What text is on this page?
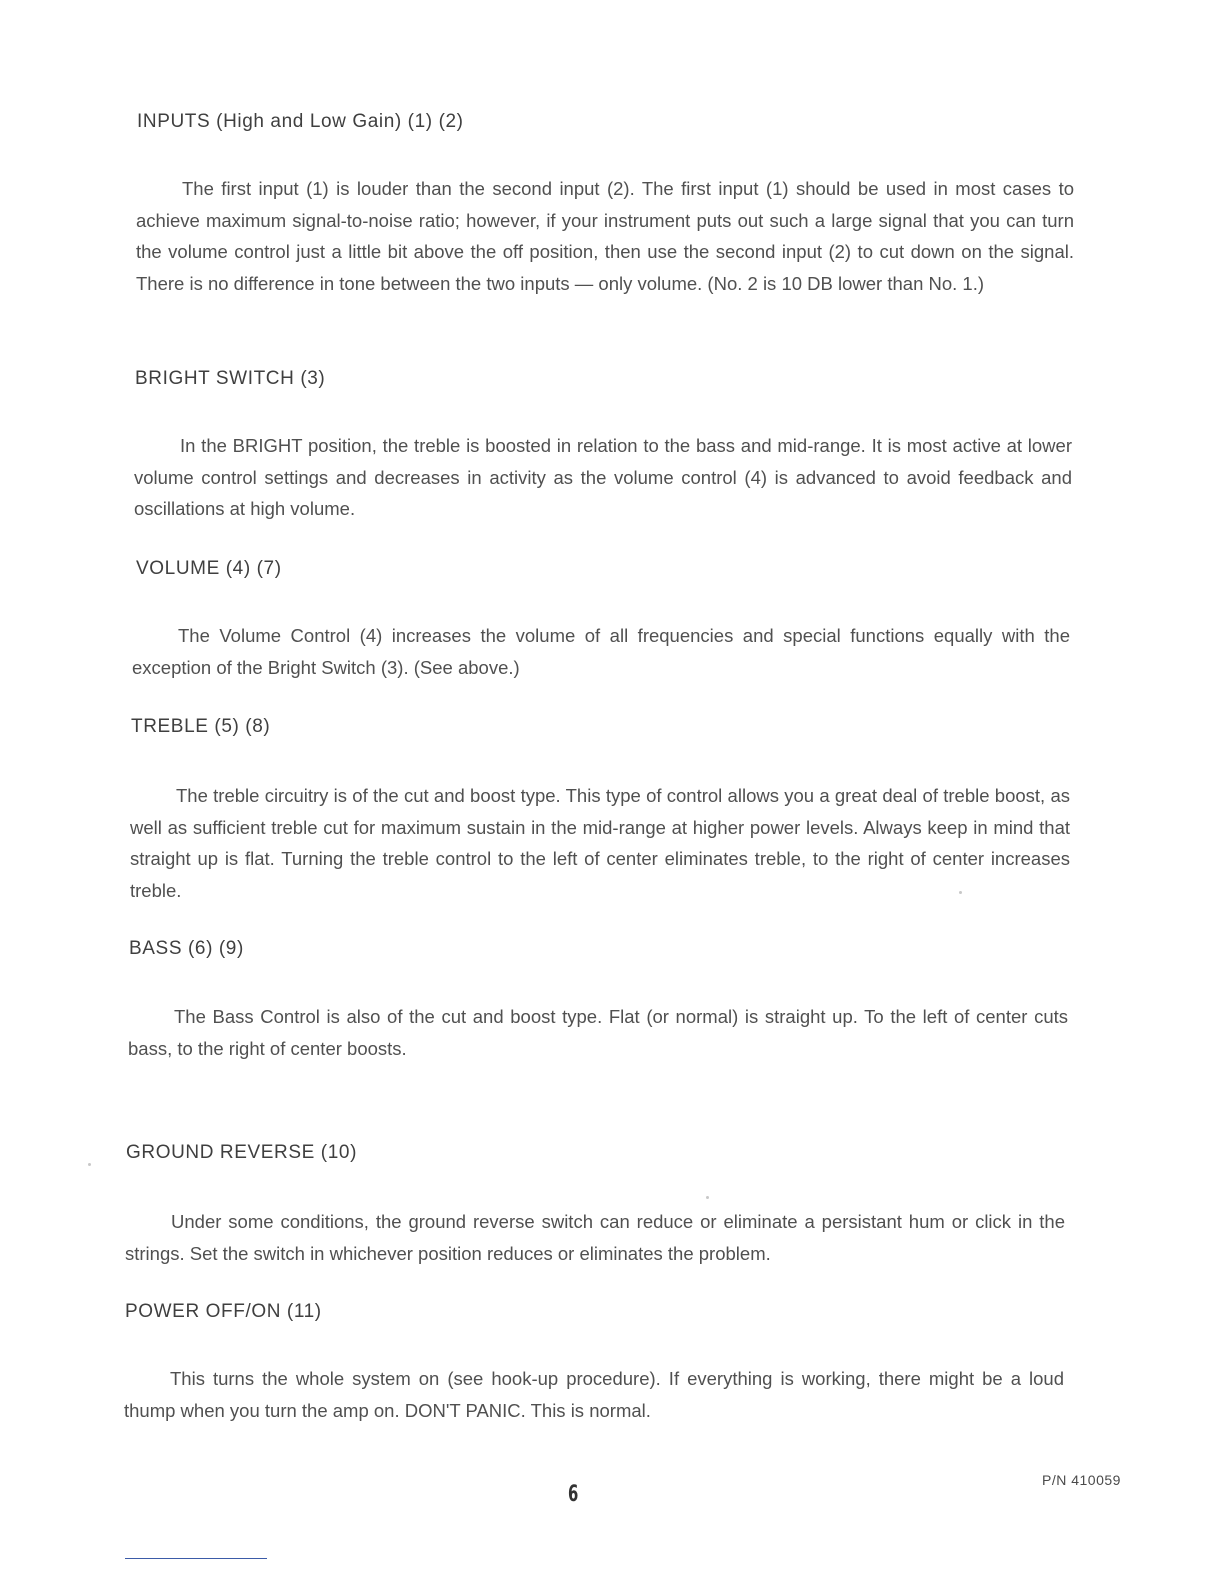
INPUTS (High and Low Gain) (1) (2)

The first input (1) is louder than the second input (2). The first input (1) should be used in most cases to achieve maximum signal-to-noise ratio; however, if your instrument puts out such a large signal that you can turn the volume control just a little bit above the off position, then use the second input (2) to cut down on the signal. There is no difference in tone between the two inputs — only volume. (No. 2 is 10 DB lower than No. 1.)

BRIGHT SWITCH (3)

In the BRIGHT position, the treble is boosted in relation to the bass and mid-range. It is most active at lower volume control settings and decreases in activity as the volume control (4) is advanced to avoid feedback and oscillations at high volume.

VOLUME (4) (7)

The Volume Control (4) increases the volume of all frequencies and special functions equally with the exception of the Bright Switch (3). (See above.)

TREBLE (5) (8)

The treble circuitry is of the cut and boost type. This type of control allows you a great deal of treble boost, as well as sufficient treble cut for maximum sustain in the mid-range at higher power levels. Always keep in mind that straight up is flat. Turning the treble control to the left of center eliminates treble, to the right of center increases treble.

BASS (6) (9)

The Bass Control is also of the cut and boost type. Flat (or normal) is straight up. To the left of center cuts bass, to the right of center boosts.

GROUND REVERSE (10)

Under some conditions, the ground reverse switch can reduce or eliminate a persistant hum or click in the strings. Set the switch in whichever position reduces or eliminates the problem.

POWER OFF/ON (11)

This turns the whole system on (see hook-up procedure). If everything is working, there might be a loud thump when you turn the amp on. DON'T PANIC. This is normal.

6
P/N 410059
